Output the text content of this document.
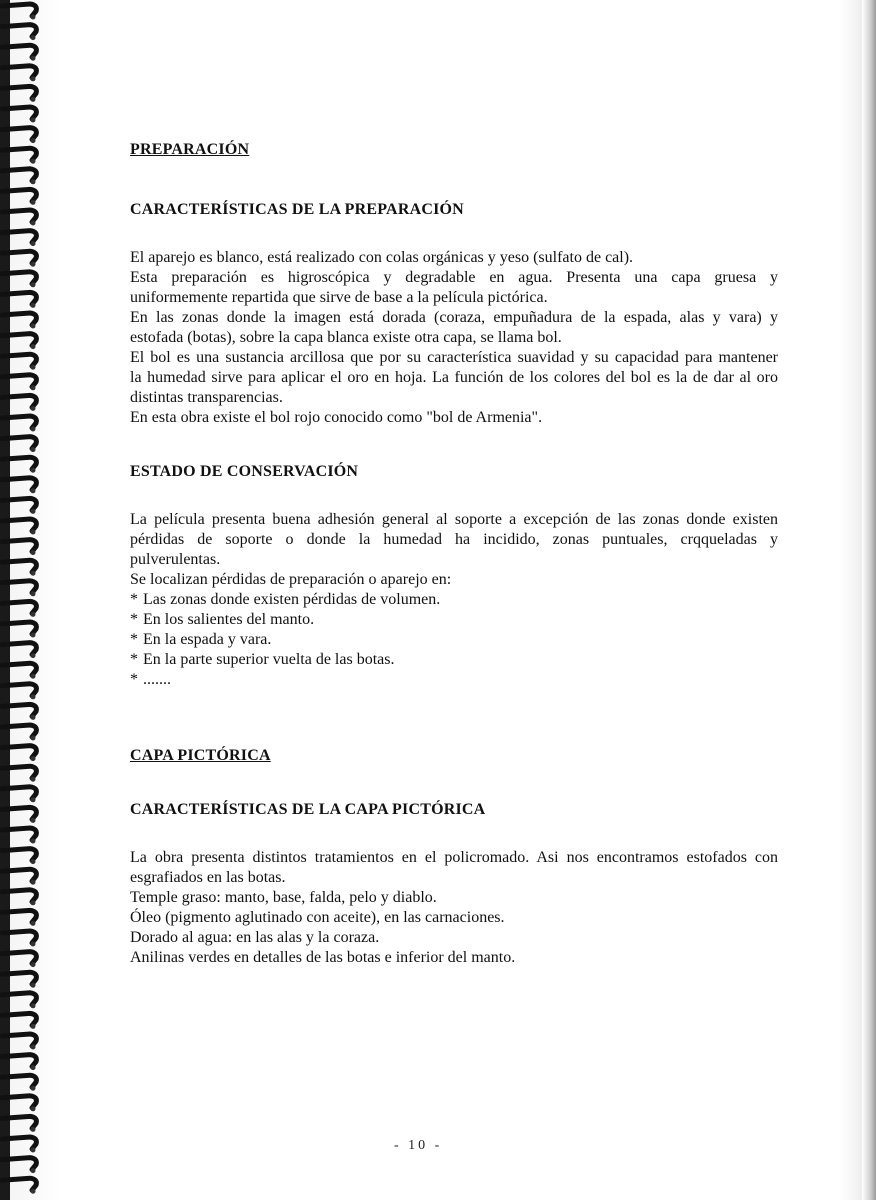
PREPARACIÓN
CARACTERÍSTICAS DE LA PREPARACIÓN

El aparejo es blanco, está realizado con colas orgánicas y yeso (sulfato de cal).
Esta preparación es higroscópica y degradable en agua. Presenta una capa gruesa y
uniformemente repartida que sirve de base a la película pictórica.
En las zonas donde la imagen está dorada (coraza, empuñadura de la espada, alas y vara) y
estofada (botas), sobre la capa blanca existe otra capa, se llama bol.
El bol es una sustancia arcillosa que por su característica suavidad y su capacidad para mantener
la humedad sirve para aplicar el oro en hoja. La función de los colores del bol es la de dar al oro
distintas transparencias.
En esta obra existe el bol rojo conocido como "bol de Armenia".

ESTADO DE CONSERVACIÓN

La película presenta buena adhesión general al soporte a excepción de las zonas donde existen
pérdidas de soporte o donde la humedad ha incidido, zonas puntuales, crqqueladas y
pulverulentas.
Se localizan pérdidas de preparación o aparejo en:

* Las zonas donde existen pérdidas de volumen.
* En los salientes del manto.
* En la espada y vara.
* En la parte superior vuelta de las botas.
* .......
CAPA PICTÓRICA
CARACTERÍSTICAS DE LA CAPA PICTÓRICA

La obra presenta distintos tratamientos en el policromado. Asi nos encontramos estofados con
esgrafiados en las botas.
Temple graso: manto, base, falda, pelo y diablo.
Óleo (pigmento aglutinado con aceite), en las carnaciones.
Dorado al agua: en las alas y la coraza.
Anilinas verdes en detalles de las botas e inferior del manto.

- 10 -
